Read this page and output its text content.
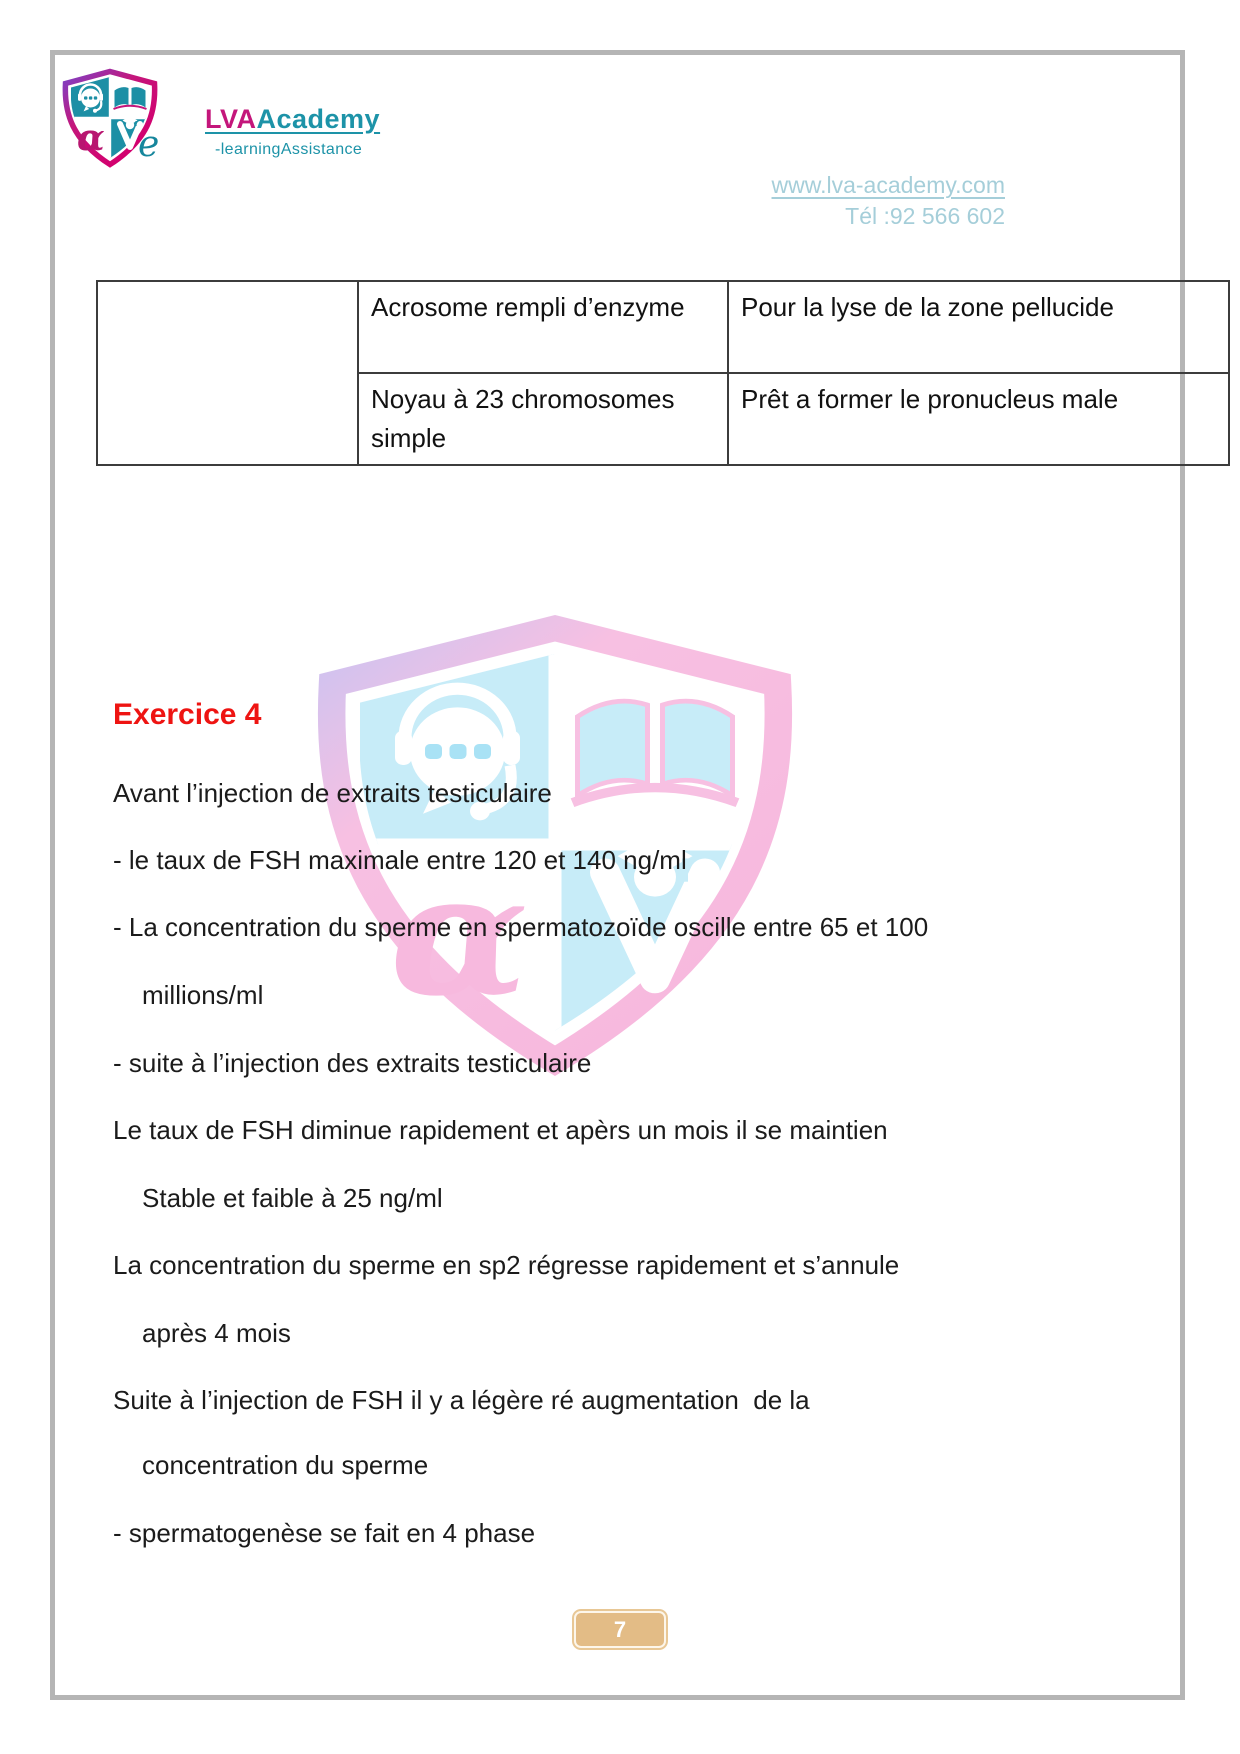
α
α e
LVAAcademy
-learningAssistance
www.lva-academy.com
Tél :92 566 602
	Acrosome rempli d’enzyme	Pour la lyse de la zone pellucide
	Noyau à 23 chromosomes simple	Prêt a former le pronucleus male
Exercice 4
Avant l’injection de extraits testiculaire
- le taux de FSH maximale entre 120 et 140 ng/ml
- La concentration du sperme en spermatozoïde oscille entre 65 et 100
millions/ml
- suite à l’injection des extraits testiculaire
Le taux de FSH diminue rapidement et apèrs un mois il se maintien
Stable et faible à 25 ng/ml
La concentration du sperme en sp2 régresse rapidement et s’annule
après 4 mois
Suite à l’injection de FSH il y a légère ré augmentation  de la
concentration du sperme
- spermatogenèse se fait en 4 phase
7
